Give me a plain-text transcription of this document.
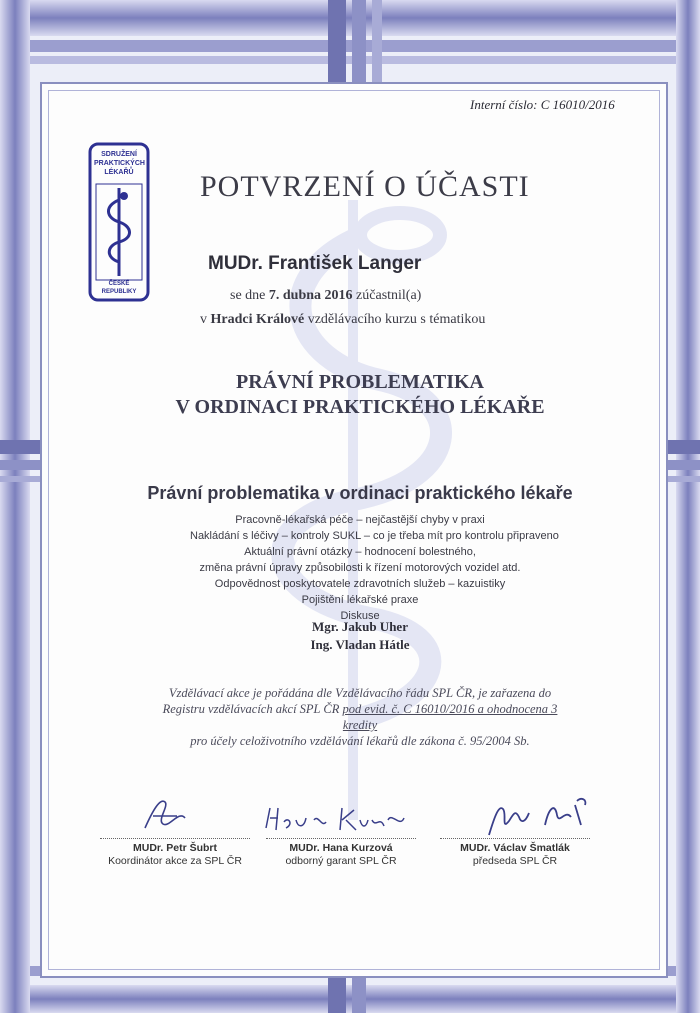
Interní číslo: C 16010/2016
SDRUŽENÍ PRAKTICKÝCH LÉKAŘŮ
ČESKÉ REPUBLIKY
POTVRZENÍ O ÚČASTI
MUDr. František Langer
se dne 7. dubna 2016 zúčastnil(a)
v Hradci Králové vzdělávacího kurzu s tématikou
PRÁVNÍ PROBLEMATIKA
V ORDINACI PRAKTICKÉHO LÉKAŘE
Právní problematika v ordinaci praktického lékaře
Pracovně-lékařská péče – nejčastější chyby v praxi
Nakládání s léčivy – kontroly SUKL – co je třeba mít pro kontrolu připraveno
Aktuální právní otázky – hodnocení bolestného,
změna právní úpravy způsobilosti k řízení motorových vozidel atd.
Odpovědnost poskytovatele zdravotních služeb – kazuistiky
Pojištění lékařské praxe
Diskuse
Mgr. Jakub Uher
Ing. Vladan Hátle
Vzdělávací akce je pořádána dle Vzdělávacího řádu SPL ČR, je zařazena do
Registru vzdělávacích akcí SPL ČR pod evid. č. C 16010/2016 a ohodnocena 3 kredity
pro účely celoživotního vzdělávání lékařů dle zákona č. 95/2004 Sb.
MUDr. Petr Šubrt
Koordinátor akce za SPL ČR
MUDr. Hana Kurzová
odborný garant SPL ČR
MUDr. Václav Šmatlák
předseda SPL ČR
